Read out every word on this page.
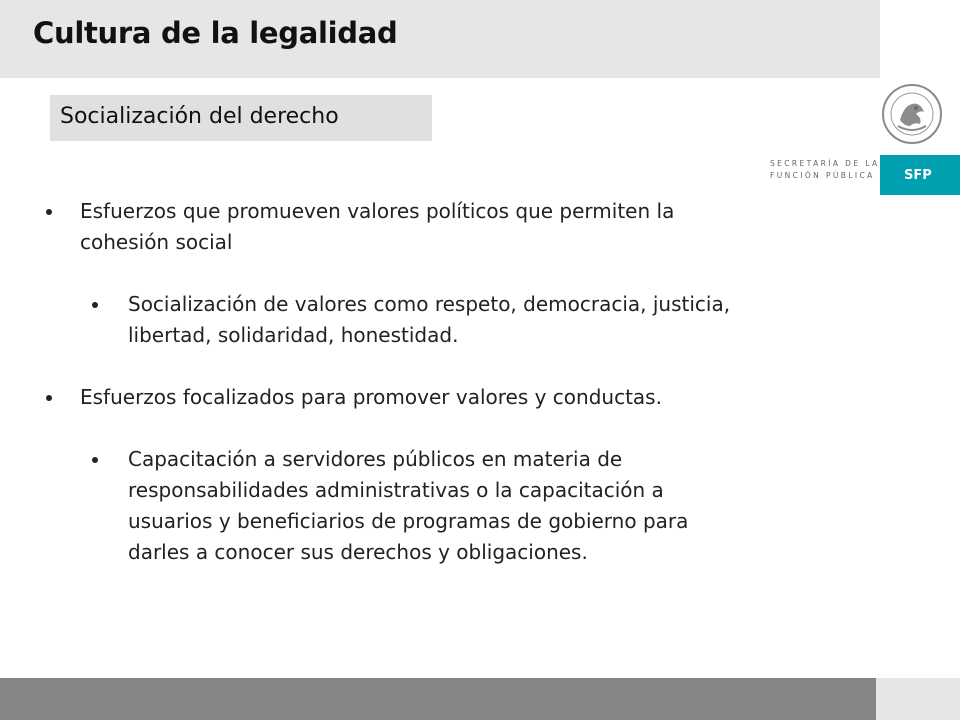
Cultura de la legalidad
SECRETARÍA DE LA
FUNCIÓN PÚBLICA	SFP
Socialización del derecho
Esfuerzos que promueven valores políticos que permiten la
cohesión social
Socialización de valores como respeto, democracia, justicia,
libertad, solidaridad, honestidad.
Esfuerzos focalizados para promover valores y conductas.
Capacitación a servidores públicos en materia de
responsabilidades administrativas o la capacitación a
usuarios y beneficiarios de programas de gobierno para
darles a conocer sus derechos y obligaciones.
